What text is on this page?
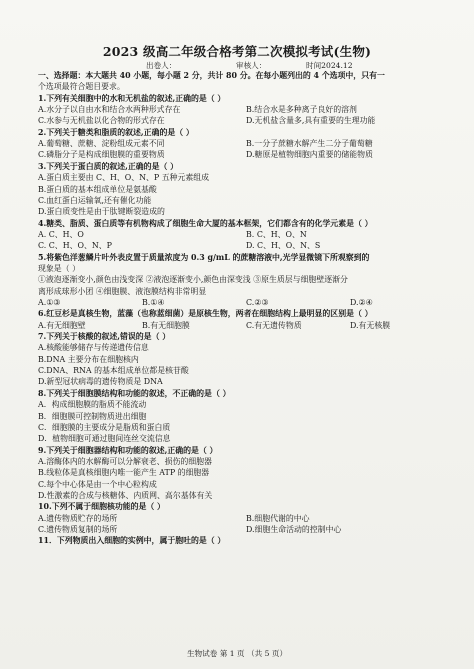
2023 级高二年级合格考第二次模拟考试(生物)
出卷人：	审核人：	时间2024.12
一、选择题：本大题共 40 小题，每小题 2 分，共计 80 分。在每小题列出的 4 个选项中，只有一
个选项最符合题目要求。
1.下列有关细胞中的水和无机盐的叙述,正确的是（ ）
A.水分子以自由水和结合水两种形式存在	B.结合水是多种离子良好的溶剂
C.水参与无机盐以化合物的形式存在	D.无机盐含量多,具有重要的生理功能
2.下列关于糖类和脂质的叙述,正确的是（ ）
A.葡萄糖、蔗糖、淀粉组成元素不同	B.一分子蔗糖水解产生二分子葡萄糖
C.磷脂分子是构成细胞膜的重要物质	D.糖原是植物细胞内重要的储能物质
3.下列关于蛋白质的叙述,正确的是（ ）
A.蛋白质主要由 C、H、O、N、P 五种元素组成
B.蛋白质的基本组成单位是氨基酸
C.血红蛋白运输氧,还有催化功能
D.蛋白质变性是由于肽键断裂造成的
4.糖类、脂质、蛋白质等有机物构成了细胞生命大厦的基本框架，它们都含有的化学元素是（ ）
A. C、H、O	B. C、H、O、N
C. C、H、O、N、P	D. C、H、O、N、S
5.将紫色洋葱鳞片叶外表皮置于质量浓度为 0.3 g/mL 的蔗糖溶液中,光学显微镜下所观察到的
现象是（ ）
①液泡逐渐变小,颜色由浅变深 ②液泡逐渐变小,颜色由深变浅 ③原生质层与细胞壁逐渐分
离形成球形小团 ④细胞膜、液泡膜结构非常明显
A.①③	B.①④	C.②③	D.②④
6.红豆杉是真核生物，蓝藻（也称蓝细菌）是原核生物，两者在细胞结构上最明显的区别是（ ）
A.有无细胞壁	B.有无细胞膜	C.有无遗传物质	D.有无核膜
7.下列关于核酸的叙述,错误的是（ ）
A.核酸能够储存与传递遗传信息
B.DNA 主要分布在细胞核内
C.DNA、RNA 的基本组成单位都是核苷酸
D.新型冠状病毒的遗传物质是 DNA
8.下列关于细胞膜结构和功能的叙述，不正确的是（ ）
A．构成细胞膜的脂质不能流动
B．细胞膜可控制物质进出细胞
C．细胞膜的主要成分是脂质和蛋白质
D．植物细胞可通过胞间连丝交流信息
9.下列关于细胞器结构和功能的叙述,正确的是（ ）
A.溶酶体内的水解酶可以分解衰老、损伤的细胞器
B.线粒体是真核细胞内唯一能产生 ATP 的细胞器
C.每个中心体是由一个中心粒构成
D.性激素的合成与核糖体、内质网、高尔基体有关
10.下列不属于细胞核功能的是（ ）
A.遗传物质贮存的场所	B.细胞代谢的中心
C.遗传物质复制的场所	D.细胞生命活动的控制中心
11．下列物质出入细胞的实例中，属于胞吐的是（ ）
生物试卷 第 1 页 （共 5 页）
